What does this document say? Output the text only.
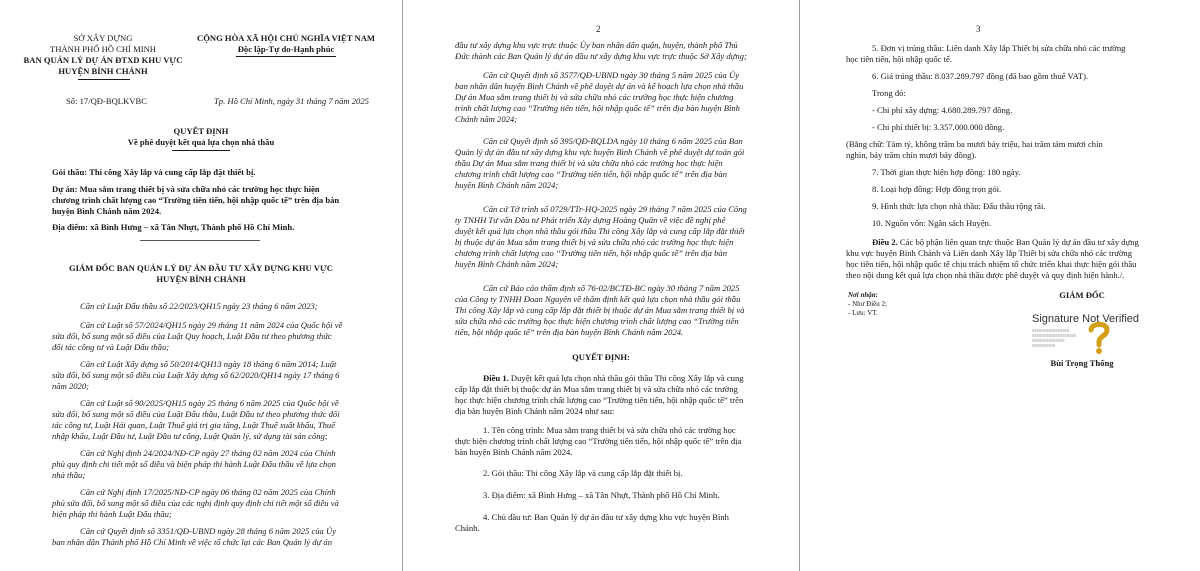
SỞ XÂY DỰNG
THÀNH PHỐ HỒ CHÍ MINH
BAN QUẢN LÝ DỰ ÁN ĐTXD KHU VỰC
HUYỆN BÌNH CHÁNH
CỘNG HÒA XÃ HỘI CHỦ NGHĨA VIỆT NAM
Độc lập-Tự do-Hạnh phúc
Số: 17/QĐ-BQLKVBC	Tp. Hồ Chí Minh, ngày 31 tháng 7 năm 2025
QUYẾT ĐỊNH
Về phê duyệt kết quả lựa chọn nhà thầu
Gói thầu: Thi công Xây lắp và cung cấp lắp đặt thiết bị.
Dự án: Mua sắm trang thiết bị và sửa chữa nhỏ các trường học thực hiện
chương trình chất lượng cao “Trường tiên tiến, hội nhập quốc tế” trên địa bàn
huyện Bình Chánh năm 2024.
Địa điểm: xã Bình Hưng – xã Tân Nhựt, Thành phố Hồ Chí Minh.
GIÁM ĐỐC BAN QUẢN LÝ DỰ ÁN ĐẦU TƯ XÂY DỰNG KHU VỰC
HUYỆN BÌNH CHÁNH
Căn cứ Luật Đấu thầu số 22/2023/QH15 ngày 23 tháng 6 năm 2023;
Căn cứ Luật số 57/2024/QH15 ngày 29 tháng 11 năm 2024 của Quốc hội về
sửa đổi, bổ sung một số điều của Luật Quy hoạch, Luật Đầu tư theo phương thức
đối tác công tư và Luật Đấu thầu;
Căn cứ Luật Xây dựng số 50/2014/QH13 ngày 18 tháng 6 năm 2014; Luật
sửa đổi, bổ sung một số điều của Luật Xây dựng số 62/2020/QH14 ngày 17 tháng 6
năm 2020;
Căn cứ Luật số 90/2025/QH15 ngày 25 tháng 6 năm 2025 của Quốc hội về
sửa đổi, bổ sung một số điều của Luật Đấu thầu, Luật Đầu tư theo phương thức đối
tác công tư, Luật Hải quan, Luật Thuế giá trị gia tăng, Luật Thuế xuất khẩu, Thuế
nhập khẩu, Luật Đầu tư, Luật Đầu tư công, Luật Quản lý, sử dụng tài sản công;
Căn cứ Nghị định 24/2024/NĐ-CP ngày 27 tháng 02 năm 2024 của Chính
phủ quy định chi tiết một số điều và biện pháp thi hành Luật Đấu thầu về lựa chọn
nhà thầu;
Căn cứ Nghị định 17/2025/NĐ-CP ngày 06 tháng 02 năm 2025 của Chính
phủ sửa đổi, bổ sung một số điều của các nghị định quy định chi tiết một số điều và
biện pháp thi hành Luật Đấu thầu;
Căn cứ Quyết định số 3351/QĐ-UBND ngày 28 tháng 6 năm 2025 của Ủy
ban nhân dân Thành phố Hồ Chí Minh về việc tổ chức lại các Ban Quản lý dự án
2
đầu tư xây dựng khu vực trực thuộc Ủy ban nhân dân quận, huyện, thành phố Thủ
Đức thành các Ban Quản lý dự án đầu tư xây dựng khu vực trực thuộc Sở Xây dựng;
Căn cứ Quyết định số 3577/QĐ-UBND ngày 30 tháng 5 năm 2025 của Ủy
ban nhân dân huyện Bình Chánh về phê duyệt dự án và kế hoạch lựa chọn nhà thầu
Dự án Mua sắm trang thiết bị và sửa chữa nhỏ các trường học thực hiện chương
trình chất lượng cao “Trường tiên tiến, hội nhập quốc tế” trên địa bàn huyện Bình
Chánh năm 2024;
Căn cứ Quyết định số 395/QĐ-BQLDA ngày 10 tháng 6 năm 2025 của Ban
Quản lý dự án đầu tư xây dựng khu vực huyện Bình Chánh về phê duyệt dự toán gói
thầu Dự án Mua sắm trang thiết bị và sửa chữa nhỏ các trường học thực hiện
chương trình chất lượng cao “Trường tiên tiến, hội nhập quốc tế” trên địa bàn
huyện Bình Chánh năm 2024;
Căn cứ Tờ trình số 0729/TTr-HQ-2025 ngày 29 tháng 7 năm 2025 của Công
ty TNHH Tư vấn Đầu tư Phát triển Xây dựng Hoàng Quân về việc đề nghị phê
duyệt kết quả lựa chọn nhà thầu gói thầu Thi công Xây lắp và cung cấp lắp đặt thiết
bị thuộc dự án Mua sắm trang thiết bị và sửa chữa nhỏ các trường học thực hiện
chương trình chất lượng cao “Trường tiên tiến, hội nhập quốc tế” trên địa bàn
huyện Bình Chánh năm 2024;
Căn cứ Báo cáo thẩm định số 76-02/BCTĐ-BC ngày 30 tháng 7 năm 2025
của Công ty TNHH Đoan Nguyên về thẩm định kết quả lựa chọn nhà thầu gói thầu
Thi công Xây lắp và cung cấp lắp đặt thiết bị thuộc dự án Mua sắm trang thiết bị và
sửa chữa nhỏ các trường học thực hiện chương trình chất lượng cao “Trường tiên
tiến, hội nhập quốc tế” trên địa bàn huyện Bình Chánh năm 2024.
QUYẾT ĐỊNH:
Điều 1. Duyệt kết quả lựa chọn nhà thầu gói thầu Thi công Xây lắp và cung
cấp lắp đặt thiết bị thuộc dự án Mua sắm trang thiết bị và sửa chữa nhỏ các trường
học thực hiện chương trình chất lượng cao “Trường tiên tiến, hội nhập quốc tế” trên
địa bàn huyện Bình Chánh năm 2024 như sau:
1. Tên công trình: Mua sắm trang thiết bị và sửa chữa nhỏ các trường học
thực hiện chương trình chất lượng cao “Trường tiên tiến, hội nhập quốc tế” trên địa
bàn huyện Bình Chánh năm 2024.
2. Gói thầu: Thi công Xây lắp và cung cấp lắp đặt thiết bị.
3. Địa điểm: xã Bình Hưng – xã Tân Nhựt, Thành phố Hồ Chí Minh.
4. Chủ đầu tư: Ban Quản lý dự án đầu tư xây dựng khu vực huyện Bình
Chánh.
3
5. Đơn vị trúng thầu: Liên danh Xây lắp Thiết bị sửa chữa nhỏ các trường
học tiên tiến, hội nhập quốc tế.
6. Giá trúng thầu: 8.037.289.797 đồng (đã bao gồm thuế VAT).
Trong đó:
- Chi phí xây dựng: 4.680.289.797 đồng.
- Chi phí thiết bị: 3.357.000.000 đồng.
(Bằng chữ: Tám tỷ, không trăm ba mươi bảy triệu, hai trăm tám mươi chín
nghìn, bảy trăm chín mươi bảy đồng).
7. Thời gian thực hiện hợp đồng: 180 ngày.
8. Loại hợp đồng: Hợp đồng trọn gói.
9. Hình thức lựa chọn nhà thầu: Đấu thầu rộng rãi.
10. Nguồn vốn: Ngân sách Huyện.
Điều 2. Các bộ phận liên quan trực thuộc Ban Quản lý dự án đầu tư xây dựng
khu vực huyện Bình Chánh và Liên danh Xây lắp Thiết bị sửa chữa nhỏ các trường
học tiên tiến, hội nhập quốc tế chịu trách nhiệm tổ chức triển khai thực hiện gói thầu
theo nội dung kết quả lựa chọn nhà thầu được phê duyệt và quy định hiện hành./.
Nơi nhận:
- Như Điều 2;
- Lưu: VT.
GIÁM ĐỐC
Signature Not Verified
≡≡≡≡≡≡≡≡≡≡≡≡≡≡≡≡
≡≡≡≡≡≡≡≡≡≡≡≡≡≡≡≡≡≡≡
≡≡≡≡≡≡≡≡≡≡≡≡≡≡
≡≡≡≡≡≡≡≡≡≡
Bùi Trọng Thống
